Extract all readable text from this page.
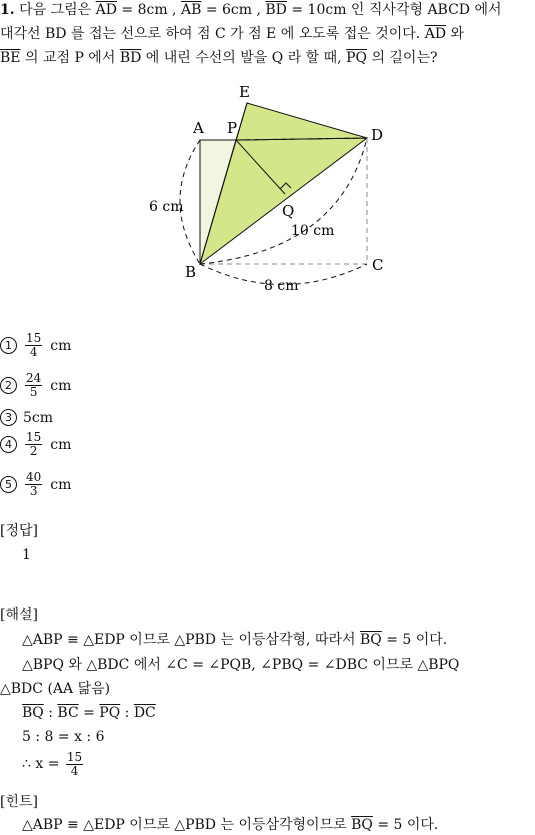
1. 다음 그림은 $\overline{AD} = 8cm$ , $\overline{AB} = 6cm$ , $\overline{BD} = 10cm$ 인 직사각형 ABCD 에서
대각선 BD 를 접는 선으로 하여 점 C 가 점 E 에 오도록 접은 것이다. $\overline{AD}$ 와
$\overline{BE}$ 의 교점 P 에서 $\overline{BD}$ 에 내린 수선의 발을 Q 라 할 때, $\overline{PQ}$ 의 길이는?
E
A P	D
Q
B	C
6 cm
10 cm
8 cm
1	$\frac{15}{4}$ cm
2	$\frac{24}{5}$ cm
3 5cm
4	$\frac{15}{2}$ cm
5	$\frac{40}{3}$ cm
[정답]
1
[해설]
△ABP ≡ △EDP 이므로 △PBD 는 이등삼각형, 따라서 $\overline{BQ} = 5$ 이다.
△BPQ 와 △BDC 에서 ∠C = ∠PQB, ∠PBQ = ∠DBC 이므로 △BPQ
△BDC (AA 닮음)
$\overline{BQ}$ : $\overline{BC} = \overline{PQ}$ : $\overline{DC}$
5 : 8 = x : 6
∴ $x = \frac{15}{4}$
[힌트]
△ABP ≡ △EDP 이므로 △PBD 는 이등삼각형이므로 $\overline{BQ} = 5$ 이다.
